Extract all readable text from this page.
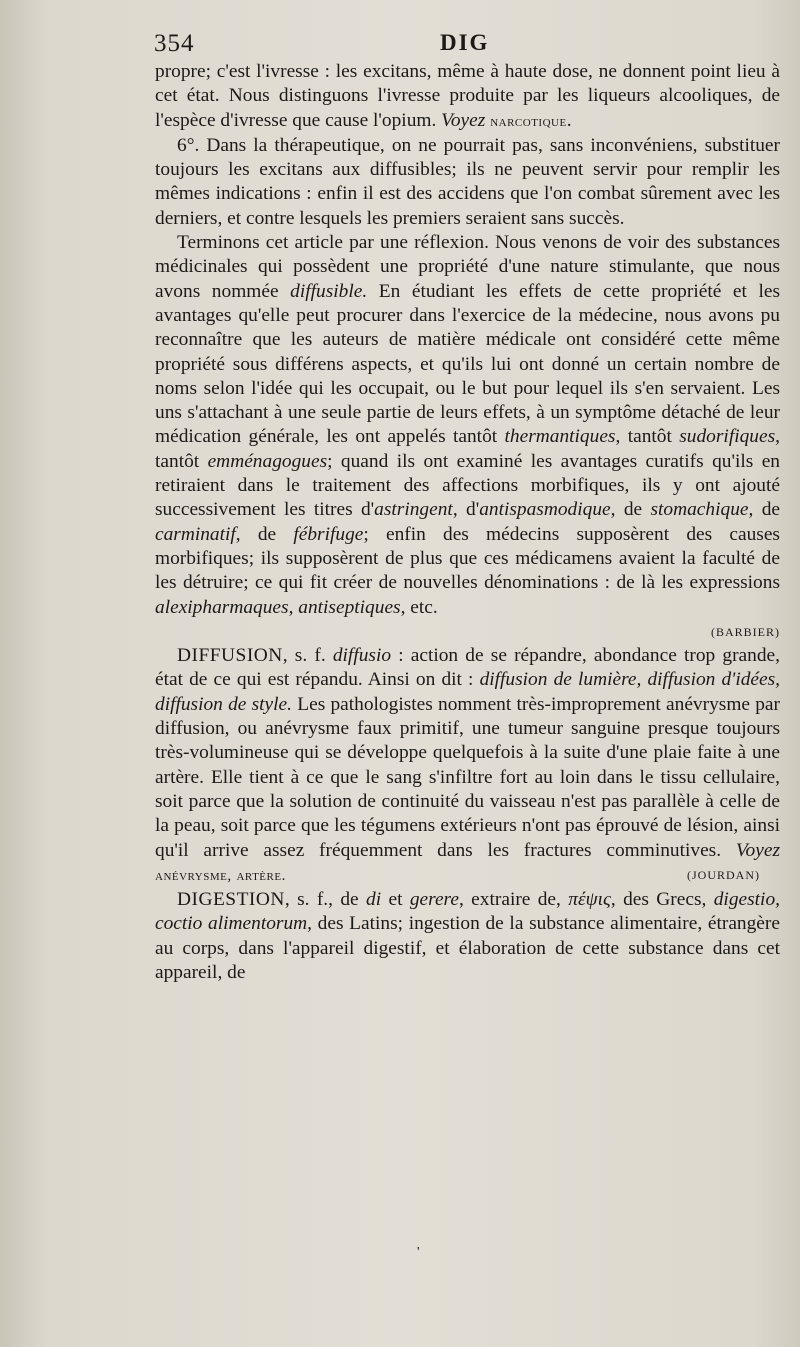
354	DIG

propre; c'est l'ivresse : les excitans, même à haute dose, ne donnent point lieu à cet état. Nous distinguons l'ivresse produite par les liqueurs alcooliques, de l'espèce d'ivresse que cause l'opium. Voyez narcotique.

6°. Dans la thérapeutique, on ne pourrait pas, sans inconvéniens, substituer toujours les excitans aux diffusibles; ils ne peuvent servir pour remplir les mêmes indications : enfin il est des accidens que l'on combat sûrement avec les derniers, et contre lesquels les premiers seraient sans succès.

Terminons cet article par une réflexion. Nous venons de voir des substances médicinales qui possèdent une propriété d'une nature stimulante, que nous avons nommée diffusible. En étudiant les effets de cette propriété et les avantages qu'elle peut procurer dans l'exercice de la médecine, nous avons pu reconnaître que les auteurs de matière médicale ont considéré cette même propriété sous différens aspects, et qu'ils lui ont donné un certain nombre de noms selon l'idée qui les occupait, ou le but pour lequel ils s'en servaient. Les uns s'attachant à une seule partie de leurs effets, à un symptôme détaché de leur médication générale, les ont appelés tantôt thermantiques, tantôt sudorifiques, tantôt emménagogues; quand ils ont examiné les avantages curatifs qu'ils en retiraient dans le traitement des affections morbifiques, ils y ont ajouté successivement les titres d'astringent, d'antispasmodique, de stomachique, de carminatif, de fébrifuge; enfin des médecins supposèrent des causes morbifiques; ils supposèrent de plus que ces médicamens avaient la faculté de les détruire; ce qui fit créer de nouvelles dénominations : de là les expressions alexipharmaques, antiseptiques, etc.

(BARBIER)

DIFFUSION, s. f. diffusio : action de se répandre, abondance trop grande, état de ce qui est répandu. Ainsi on dit : diffusion de lumière, diffusion d'idées, diffusion de style. Les pathologistes nomment très-improprement anévrysme par diffusion, ou anévrysme faux primitif, une tumeur sanguine presque toujours très-volumineuse qui se développe quelquefois à la suite d'une plaie faite à une artère. Elle tient à ce que le sang s'infiltre fort au loin dans le tissu cellulaire, soit parce que la solution de continuité du vaisseau n'est pas parallèle à celle de la peau, soit parce que les tégumens extérieurs n'ont pas éprouvé de lésion, ainsi qu'il arrive assez fréquemment dans les fractures comminutives. Voyez anévrysme, artère.	(JOURDAN)

DIGESTION, s. f., de di et gerere, extraire de, πέψις, des Grecs, digestio, coctio alimentorum, des Latins; ingestion de la substance alimentaire, étrangère au corps, dans l'appareil digestif, et élaboration de cette substance dans cet appareil, de

'
